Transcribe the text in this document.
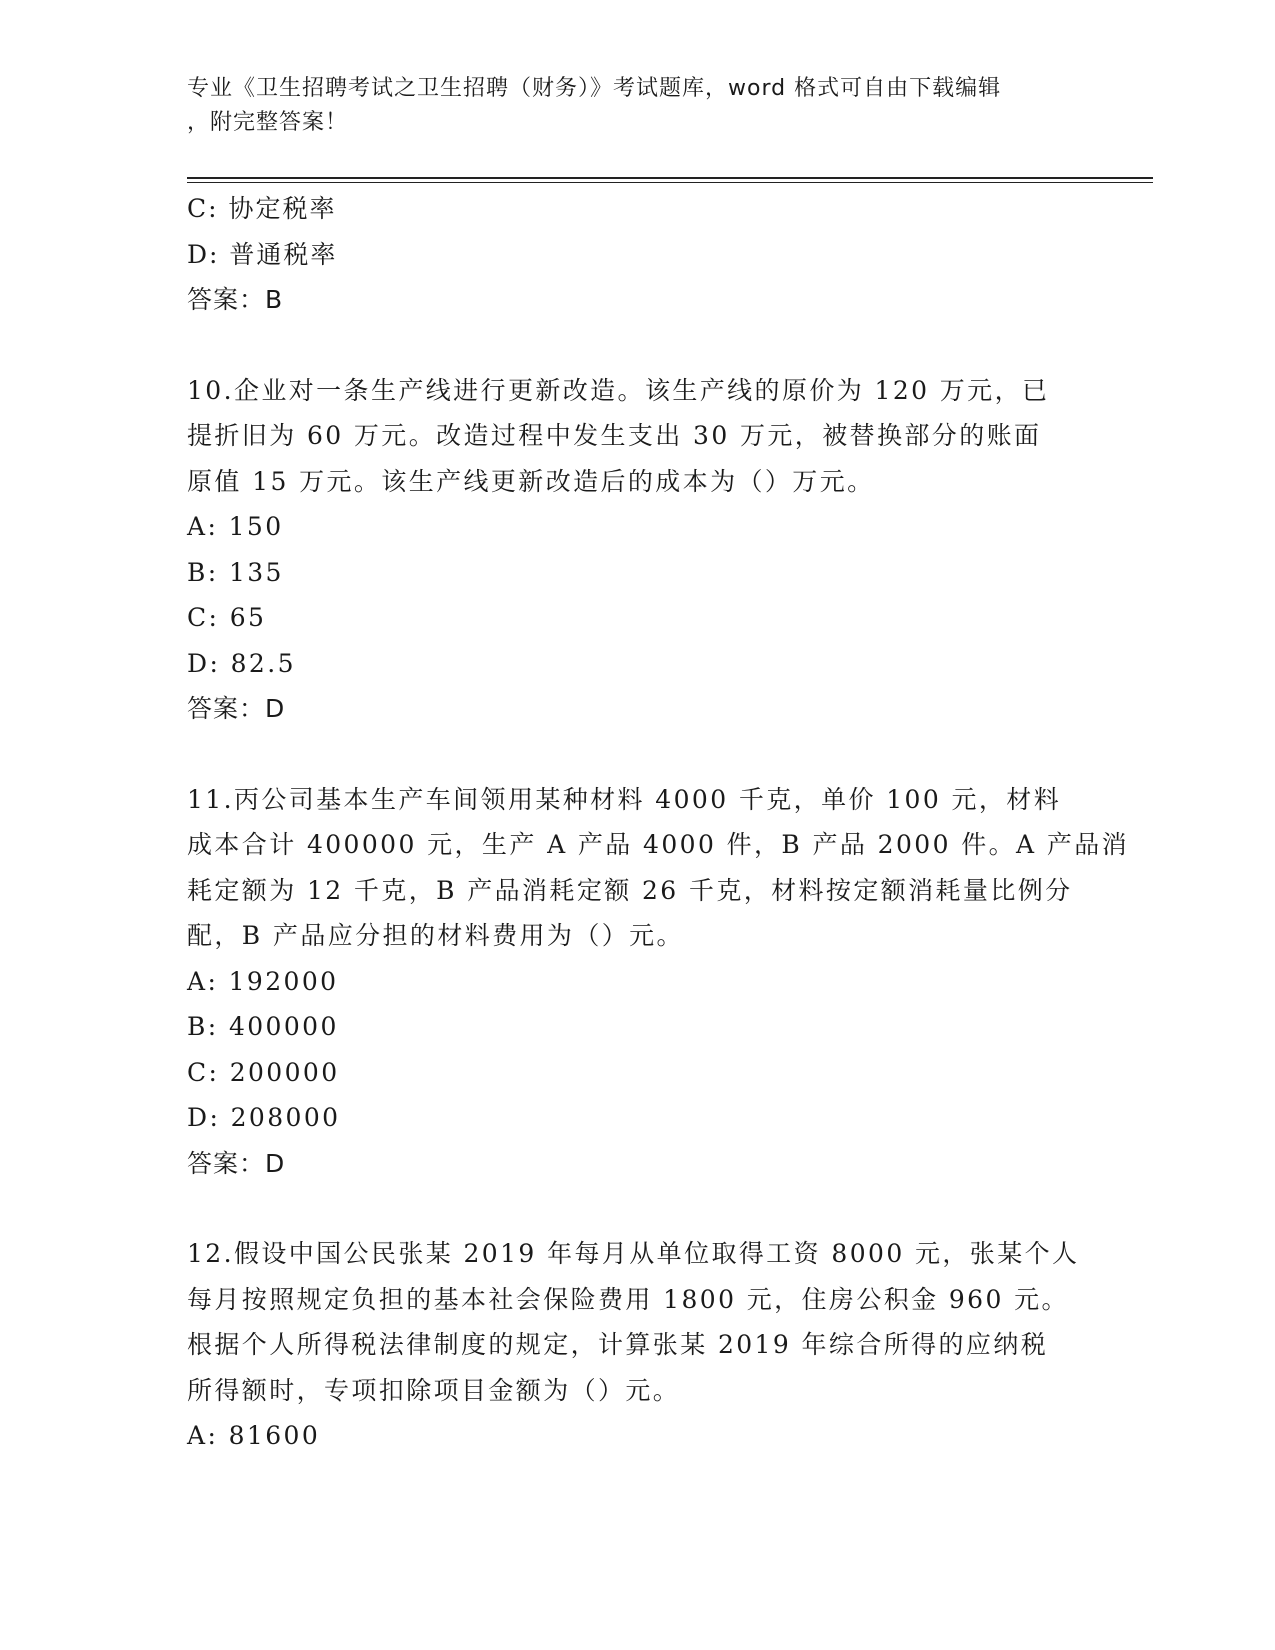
专业《卫生招聘考试之卫生招聘（财务）》考试题库，word 格式可自由下载编辑
，附完整答案！
C: 协定税率
D: 普通税率
答案：B
10.企业对一条生产线进行更新改造。该生产线的原价为 120 万元，已
提折旧为 60 万元。改造过程中发生支出 30 万元，被替换部分的账面
原值 15 万元。该生产线更新改造后的成本为（）万元。
A: 150
B: 135
C: 65
D: 82.5
答案：D
11.丙公司基本生产车间领用某种材料 4000 千克，单价 100 元，材料
成本合计 400000 元，生产 A 产品 4000 件，B 产品 2000 件。A 产品消
耗定额为 12 千克，B 产品消耗定额 26 千克，材料按定额消耗量比例分
配，B 产品应分担的材料费用为（）元。
A: 192000
B: 400000
C: 200000
D: 208000
答案：D
12.假设中国公民张某 2019 年每月从单位取得工资 8000 元，张某个人
每月按照规定负担的基本社会保险费用 1800 元，住房公积金 960 元。
根据个人所得税法律制度的规定，计算张某 2019 年综合所得的应纳税
所得额时，专项扣除项目金额为（）元。
A: 81600
